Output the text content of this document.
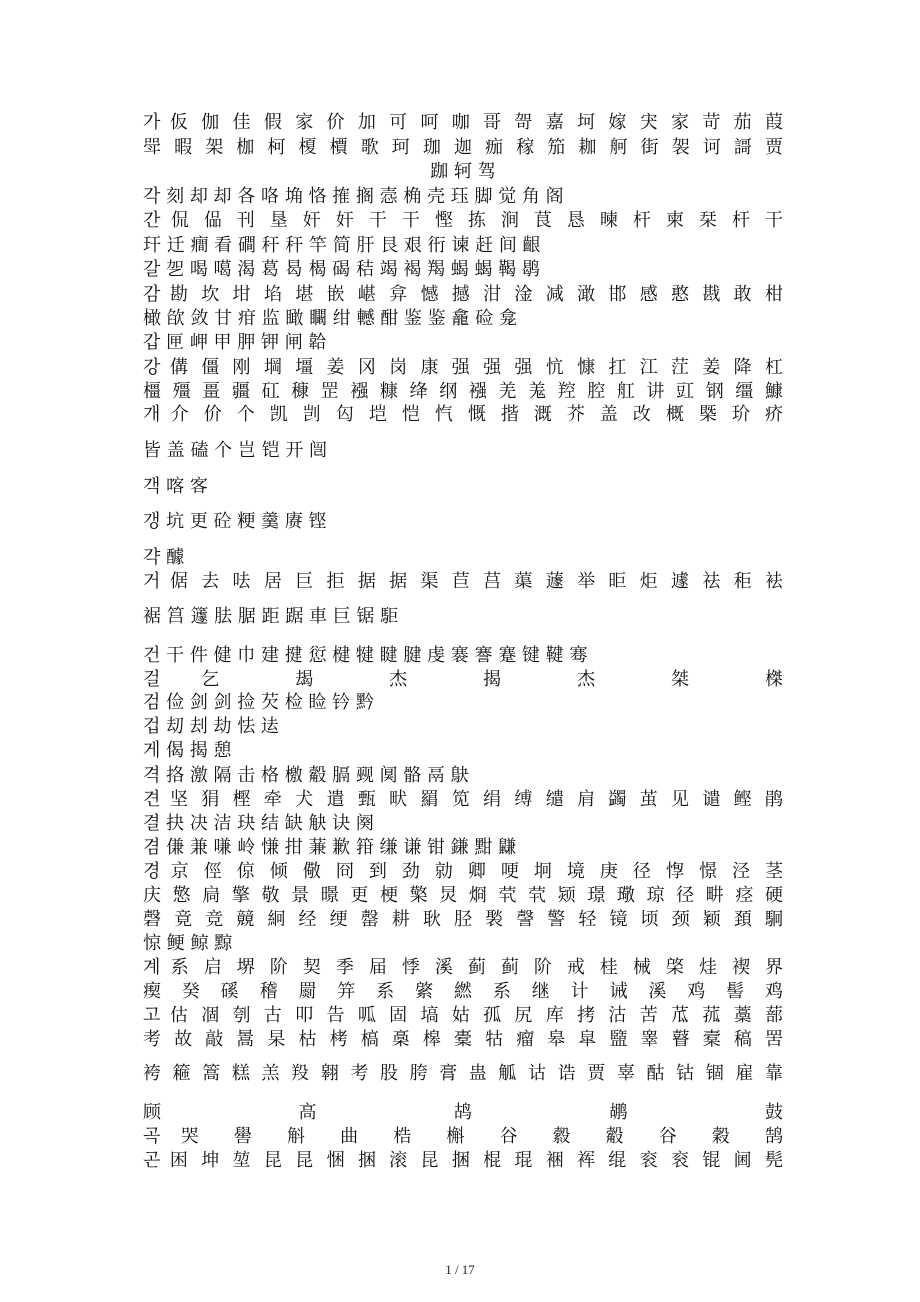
가 仮 伽 佳 假 家 价 加 可 呵 咖 哥 哿 嘉 坷 嫁 宊 家 苛 茄 葭
斝 暇 架 枷 柯 榎 檟 歌 珂 珈 迦 痂 稼 笳 耞 舸 街 袈 诃 謌 贾
跏 轲 驾
각 刻 却 却 各 咯 埆 恪 搉 搁 悫 桷 壳 珏 脚 觉 角 阁
간 侃 偘 刊 垦 奸 奸 干 干 慳 拣 涧 茛 恳 暕 杆 柬 栞 杆 干
玕 迁 癎 看 磵 秆 秆 竿 简 肝 艮 艰 衎 谏 赶 间 齦
갈 乫 喝 噶 渴 葛 曷 楬 碣 秸 竭 褐 羯 蝎 蝎 鞨 鹖
감 勘 坎 坩 埳 堪 嵌 嵁 弇 憾 撼 泔 淦 减 澉 邯 感 憨 戡 敢 柑
橄 欿 敛 甘 疳 监 瞰 矙 绀 轗 酣 鉴 鉴 龕 硷 龛
갑 匣 岬 甲 胛 钾 闸 韐
강 傋 僵 刚 堈 壃 姜 冈 岗 康 强 强 强 忼 慷 扛 江 茳 姜 降 杠
橿 殭 畺 疆 矼 穅 罡 襁 糠 绛 纲 襁 羌 羗 羫 腔 舡 讲 豇 钢 缰 鱇
개 介 价 个 凯 剀 匃 垲 恺 忾 慨 揩 溉 芥 盖 改 概 槩 玠 疥
皆 盖 磕 个 岂 铠 开 闿
객 喀 客
갱 坑 更 砼 粳 羹 赓 铿
갹 醵
거 倨 去 呿 居 巨 拒 据 据 渠 苣 莒 蕖 蘧 举 昛 炬 遽 祛 秬 袪
裾 筥 籧 胠 腒 距 踞 車 巨 锯 駏
건 干 件 健 巾 建 揵 愆 楗 犍 睷 腱 虔 褰 謇 蹇 键 鞬 骞
걸 乞 朅 杰 揭 杰 桀 榤
검 俭 剑 剑 捡 芡 检 睑 钤 黔
겁 刧 刦 劫 怯 迲
게 偈 揭 憩
격 挌 激 隔 击 格 檄 觳 膈 觋 阒 骼 鬲 鴃
견 坚 狷 樫 牵 犬 遣 甄 畎 羂 笕 绢 缚 缱 肩 蠲 茧 见 谴 鲣 鹃
결 抉 决 洁 玦 结 缺 觖 诀 阕
겸 傔 兼 嗛 岭 慊 拑 蒹 歉 箝 缣 谦 钳 鎌 黚 鼸
경 京 俓 倞 倾 儆 冏 到 劲 勍 卿 哽 坰 境 庚 径 惸 憬 泾 茎
庆 憼 扃 擎 敬 景 暻 更 梗 檠 炅 烱 茕 茕 颎 璟 璥 琼 径 畊 痉 硬
磬 竟 竞 竸 絅 经 绠 罄 耕 耿 胫 褧 謦 警 轻 镜 顷 颈 颖 頚 駉
惊 鲠 鲸 黥
계 系 启 堺 阶 契 季 届 悸 溪 蓟 蓟 阶 戒 桂 械 棨 烓 禊 界
瘈 癸 磎 稽 罽 笄 系 綮 繎 系 继 计 诫 溪 鸡 髻 鸡
고 估 凅 刳 古 叩 告 呱 固 塙 姑 孤 尻 库 拷 沽 苦 苽 菰 藁 蔀
考 故 敲 暠 杲 枯 栲 槁 槀 槔 橐 牯 瘤 皋 皐 盬 睾 瞽 槖 稿 罟
袴 篐 篙 糕 羔 羖 翱 考 股 胯 膏 蛊 觚 诂 诰 贾 辜 酤 钴 锢 雇 靠
顾 高 鸪 鹕 鼓
곡 哭 嚳 斛 曲 梏 槲 谷 縠 觳 谷 穀 鹄
곤 困 坤 堃 昆 昆 悃 捆 滚 昆 捆 棍 琨 裍 裈 绲 衮 衮 锟 阃 髡
1 / 17
